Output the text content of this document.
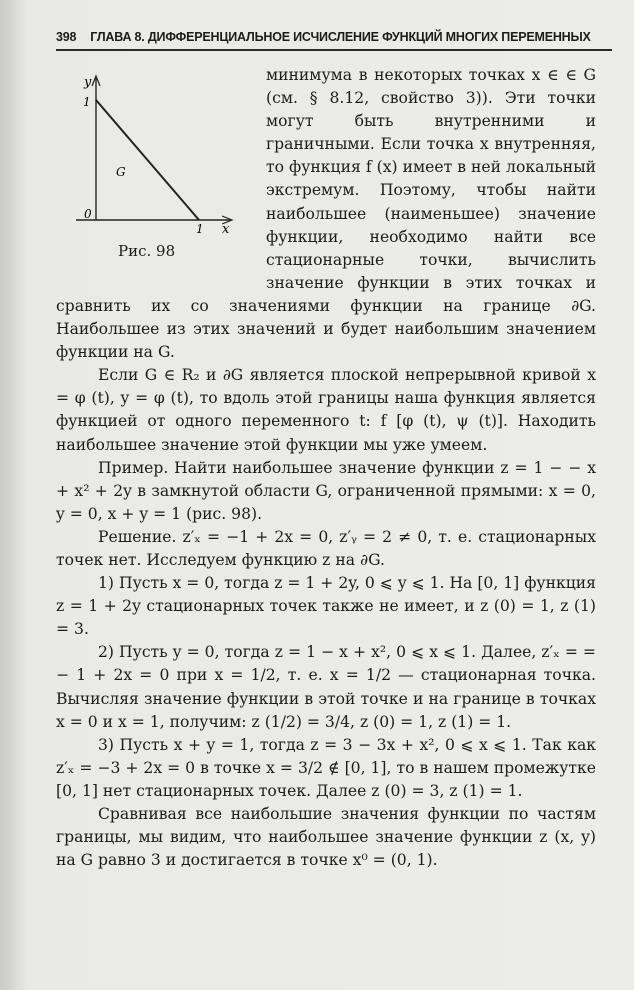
398 ГЛАВА 8. ДИФФЕРЕНЦИАЛЬНОЕ ИСЧИСЛЕНИЕ ФУНКЦИЙ МНОГИХ ПЕРЕМЕННЫХ
y
1
G
0
1 x
Рис. 98

минимума в некоторых точках x ∈ ∈ G (см. § 8.12, свойство 3)). Эти точки могут быть внутренними и граничными. Если точка x внутренняя, то функция f (x) имеет в ней локальный экстремум. Поэтому, чтобы найти наибольшее (наименьшее) значение функции, необходимо найти все стационарные точки, вычислить значение функции в этих точках и сравнить их со значениями функции на границе ∂G. Наибольшее из этих значений и будет наибольшим значением функции на G.

Если G ∈ R₂ и ∂G является плоской непрерывной кривой x = φ (t), y = φ (t), то вдоль этой границы наша функция является функцией от одного переменного t: f [φ (t), ψ (t)]. Находить наибольшее значение этой функции мы уже умеем.

Пример. Найти наибольшее значение функции z = 1 − − x + x² + 2y в замкнутой области G, ограниченной прямыми: x = 0, y = 0, x + y = 1 (рис. 98).

Решение. z′ₓ = −1 + 2x = 0, z′ᵧ = 2 ≠ 0, т. е. стационарных точек нет. Исследуем функцию z на ∂G.

1) Пусть x = 0, тогда z = 1 + 2y, 0 ⩽ y ⩽ 1. На [0, 1] функция z = 1 + 2y стационарных точек также не имеет, и z (0) = 1, z (1) = 3.

2) Пусть y = 0, тогда z = 1 − x + x², 0 ⩽ x ⩽ 1. Далее, z′ₓ = = − 1 + 2x = 0 при x = 1/2, т. е. x = 1/2 — стационарная точка. Вычисляя значение функции в этой точке и на границе в точках x = 0 и x = 1, получим: z (1/2) = 3/4, z (0) = 1, z (1) = 1.

3) Пусть x + y = 1, тогда z = 3 − 3x + x², 0 ⩽ x ⩽ 1. Так как z′ₓ = −3 + 2x = 0 в точке x = 3/2 ∉ [0, 1], то в нашем промежутке [0, 1] нет стационарных точек. Далее z (0) = 3, z (1) = 1.

Сравнивая все наибольшие значения функции по частям границы, мы видим, что наибольшее значение функции z (x, y) на G равно 3 и достигается в точке x⁰ = (0, 1).
